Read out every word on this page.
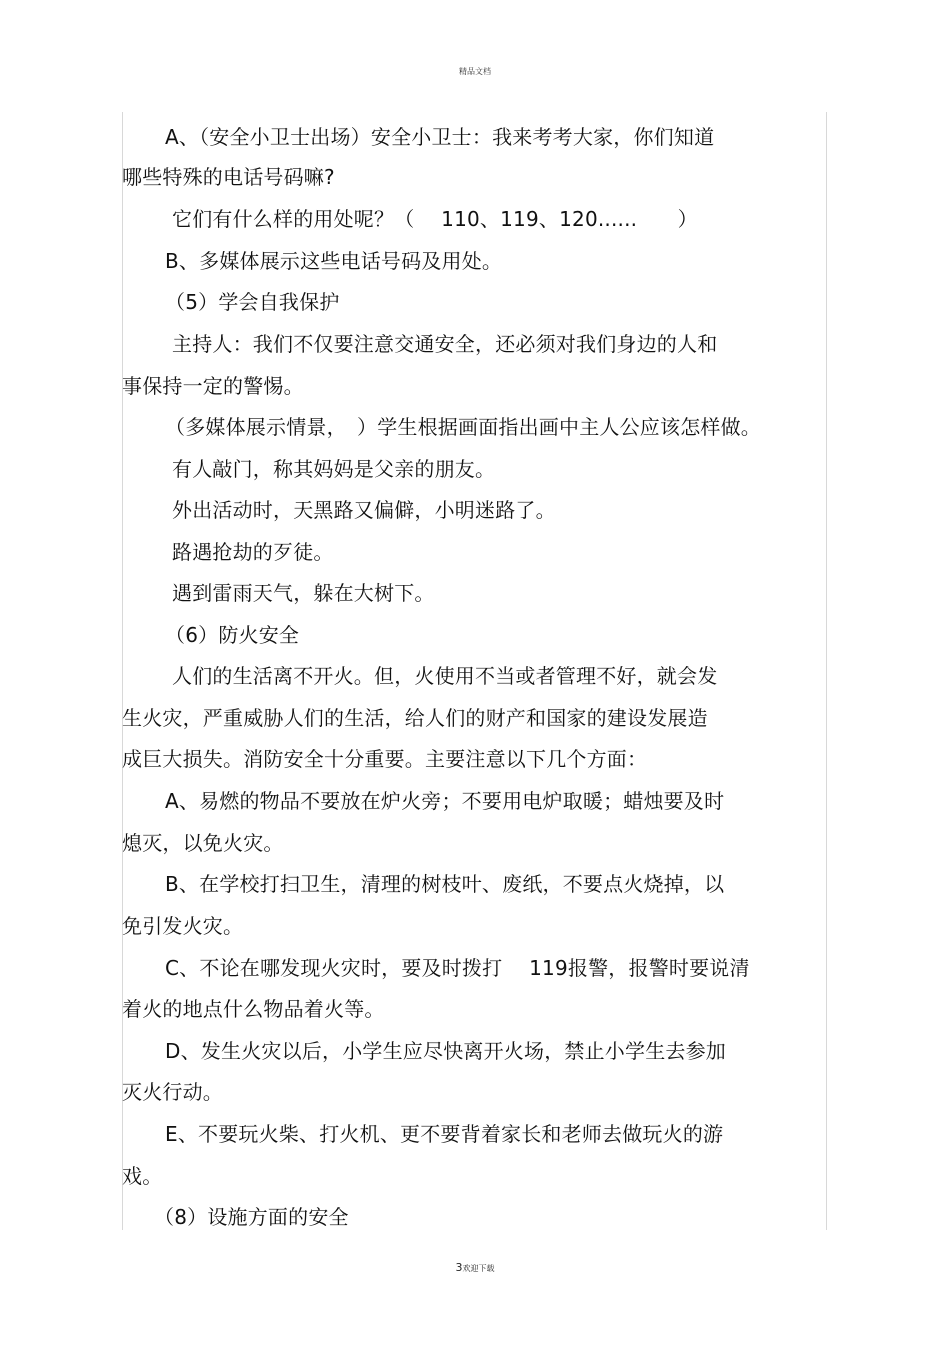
精品文档
A、（安全小卫士出场）安全小卫士：我来考考大家，你们知道
哪些特殊的电话号码嘛?
它们有什么样的用处呢？（　 110、119、120......　　）
B、多媒体展示这些电话号码及用处。
（5）学会自我保护
主持人：我们不仅要注意交通安全，还必须对我们身边的人和
事保持一定的警惕。
（多媒体展示情景，　）学生根据画面指出画中主人公应该怎样做。
有人敲门，称其妈妈是父亲的朋友。
外出活动时，天黑路又偏僻，小明迷路了。
路遇抢劫的歹徒。
遇到雷雨天气，躲在大树下。
（6）防火安全
人们的生活离不开火。但，火使用不当或者管理不好，就会发
生火灾，严重威胁人们的生活，给人们的财产和国家的建设发展造
成巨大损失。消防安全十分重要。主要注意以下几个方面：
A、易燃的物品不要放在炉火旁；不要用电炉取暖；蜡烛要及时
熄灭，以免火灾。
B、在学校打扫卫生，清理的树枝叶、废纸，不要点火烧掉，以
免引发火灾。
C、不论在哪发现火灾时，要及时拨打　 119报警，报警时要说清
着火的地点什么物品着火等。
D、发生火灾以后，小学生应尽快离开火场，禁止小学生去参加
灭火行动。
E、不要玩火柴、打火机、更不要背着家长和老师去做玩火的游
戏。
（8）设施方面的安全
3欢迎下载
